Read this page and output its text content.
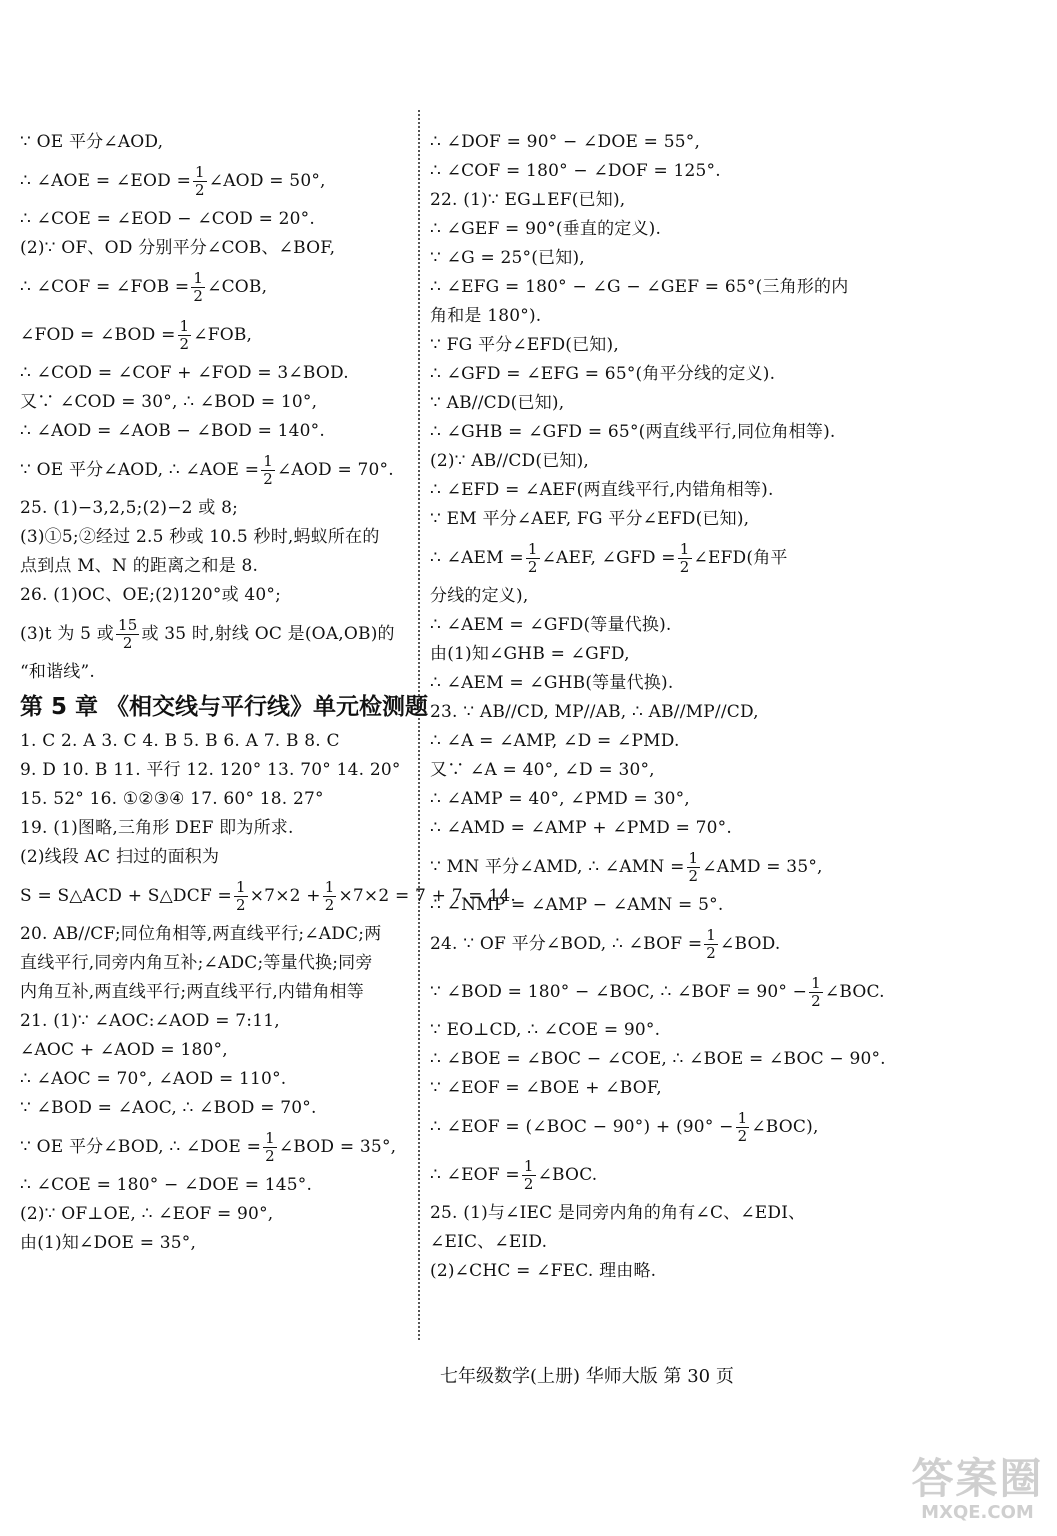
∵ OE 平分∠AOD,
∴ ∠AOE = ∠EOD = $\frac{1}{2}$ ∠AOD = 50°,
∴ ∠COE = ∠EOD − ∠COD = 20°.
(2)∵ OF、OD 分别平分∠COB、∠BOF,
∴ ∠COF = ∠FOB = $\frac{1}{2}$ ∠COB,
∠FOD = ∠BOD = $\frac{1}{2}$ ∠FOB,
∴ ∠COD = ∠COF + ∠FOD = 3∠BOD.
又∵ ∠COD = 30°, ∴ ∠BOD = 10°,
∴ ∠AOD = ∠AOB − ∠BOD = 140°.
∵ OE 平分∠AOD, ∴ ∠AOE = $\frac{1}{2}$ ∠AOD = 70°.
25. (1)−3,2,5;(2)−2 或 8;
(3)①5;②经过 2.5 秒或 10.5 秒时,蚂蚁所在的
点到点 M、N 的距离之和是 8.
26. (1)OC、OE;(2)120°或 40°;
(3)t 为 5 或 $\frac{15}{2}$ 或 35 时,射线 OC 是(OA,OB)的
“和谐线”.
第 5 章 《相交线与平行线》单元检测题
1. C 2. A 3. C 4. B 5. B 6. A 7. B 8. C
9. D 10. B 11. 平行 12. 120° 13. 70° 14. 20°
15. 52° 16. ①②③④ 17. 60° 18. 27°
19. (1)图略,三角形 DEF 即为所求.
(2)线段 AC 扫过的面积为
S = S△ACD + S△DCF = $\frac{1}{2} \times 7\times 2 + \frac{1}{2} \times 7\times 2 = 7 + 7 = 14$.
20. AB//CF;同位角相等,两直线平行;∠ADC;两
直线平行,同旁内角互补;∠ADC;等量代换;同旁
内角互补,两直线平行;两直线平行,内错角相等
21. (1)∵ ∠AOC:∠AOD = 7:11,
∠AOC + ∠AOD = 180°,
∴ ∠AOC = 70°, ∠AOD = 110°.
∵ ∠BOD = ∠AOC, ∴ ∠BOD = 70°.
∵ OE 平分∠BOD, ∴ ∠DOE = $\frac{1}{2}$ ∠BOD = 35°,
∴ ∠COE = 180° − ∠DOE = 145°.
(2)∵ OF⊥OE, ∴ ∠EOF = 90°,
由(1)知∠DOE = 35°,
∴ ∠DOF = 90° − ∠DOE = 55°,
∴ ∠COF = 180° − ∠DOF = 125°.
22. (1)∵ EG⊥EF(已知),
∴ ∠GEF = 90°(垂直的定义).
∵ ∠G = 25°(已知),
∴ ∠EFG = 180° − ∠G − ∠GEF = 65°(三角形的内
角和是 180°).
∵ FG 平分∠EFD(已知),
∴ ∠GFD = ∠EFG = 65°(角平分线的定义).
∵ AB//CD(已知),
∴ ∠GHB = ∠GFD = 65°(两直线平行,同位角相等).
(2)∵ AB//CD(已知),
∴ ∠EFD = ∠AEF(两直线平行,内错角相等).
∵ EM 平分∠AEF, FG 平分∠EFD(已知),
∴ ∠AEM = $\frac{1}{2}$ ∠AEF, ∠GFD = $\frac{1}{2}$ ∠EFD(角平
分线的定义),
∴ ∠AEM = ∠GFD(等量代换).
由(1)知∠GHB = ∠GFD,
∴ ∠AEM = ∠GHB(等量代换).
23. ∵ AB//CD, MP//AB, ∴ AB//MP//CD,
∴ ∠A = ∠AMP, ∠D = ∠PMD.
又∵ ∠A = 40°, ∠D = 30°,
∴ ∠AMP = 40°, ∠PMD = 30°,
∴ ∠AMD = ∠AMP + ∠PMD = 70°.
∵ MN 平分∠AMD, ∴ ∠AMN = $\frac{1}{2}$ ∠AMD = 35°,
∴ ∠NMP = ∠AMP − ∠AMN = 5°.
24. ∵ OF 平分∠BOD, ∴ ∠BOF = $\frac{1}{2}$ ∠BOD.
∵ ∠BOD = 180° − ∠BOC, ∴ ∠BOF = $90^\circ - \frac{1}{2}$ ∠BOC.
∵ EO⊥CD, ∴ ∠COE = 90°.
∴ ∠BOE = ∠BOC − ∠COE, ∴ ∠BOE = ∠BOC − 90°.
∵ ∠EOF = ∠BOE + ∠BOF,
∴ ∠EOF = (∠BOC − $90^\circ) + (90^\circ - \frac{1}{2}$ ∠BOC),
∴ ∠EOF = $\frac{1}{2}$ ∠BOC.
25. (1)与∠IEC 是同旁内角的角有∠C、∠EDI、
∠EIC、∠EID.
(2)∠CHC = ∠FEC. 理由略.
七年级数学(上册) 华师大版 第 30 页
答案圈
MXQE.COM
